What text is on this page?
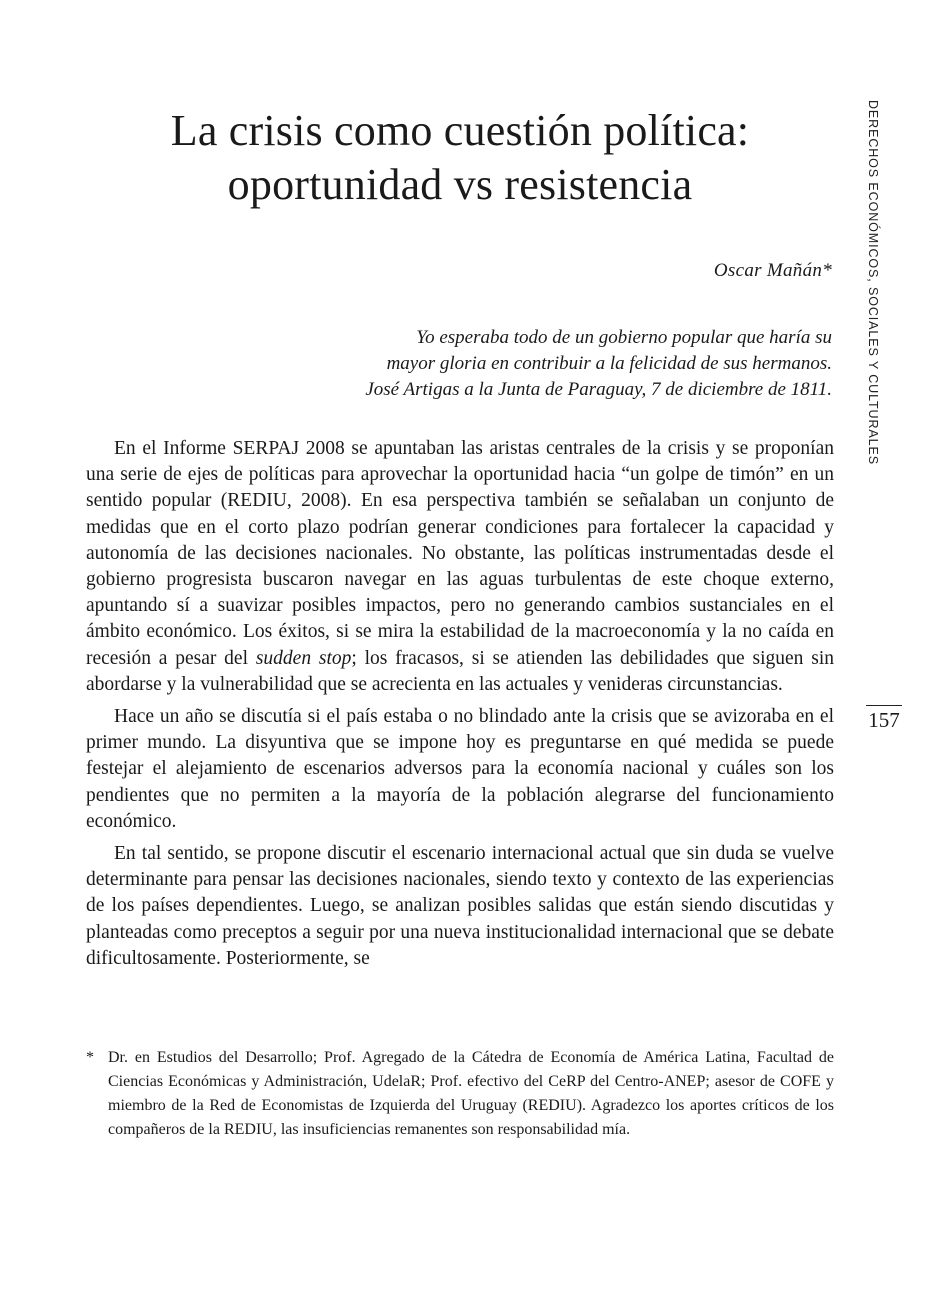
La crisis como cuestión política:
oportunidad vs resistencia
Oscar Mañán*
Yo esperaba todo de un gobierno popular que haría su
mayor gloria en contribuir a la felicidad de sus hermanos.
José Artigas a la Junta de Paraguay, 7 de diciembre de 1811.

En el Informe SERPAJ 2008 se apuntaban las aristas centrales de la crisis y se proponían una serie de ejes de políticas para aprovechar la oportunidad hacia “un golpe de timón” en un sentido popular (REDIU, 2008). En esa perspectiva también se señalaban un conjunto de medidas que en el corto plazo podrían generar condiciones para fortalecer la capacidad y autonomía de las decisiones nacionales. No obstante, las políticas instrumentadas desde el gobierno progresista buscaron navegar en las aguas turbulentas de este choque externo, apuntando sí a suavizar posibles impactos, pero no generando cambios sustanciales en el ámbito económico. Los éxitos, si se mira la estabilidad de la macroeconomía y la no caída en recesión a pesar del sudden stop; los fracasos, si se atienden las debilidades que siguen sin abordarse y la vulnerabilidad que se acrecienta en las actuales y venideras circunstancias.

Hace un año se discutía si el país estaba o no blindado ante la crisis que se avizoraba en el primer mundo. La disyuntiva que se impone hoy es preguntarse en qué medida se puede festejar el alejamiento de escenarios adversos para la economía nacional y cuáles son los pendientes que no permiten a la mayoría de la población alegrarse del funcionamiento económico.

En tal sentido, se propone discutir el escenario internacional actual que sin duda se vuelve determinante para pensar las decisiones nacionales, siendo texto y contexto de las experiencias de los países dependientes. Luego, se analizan posibles salidas que están siendo discutidas y planteadas como preceptos a seguir por una nueva institucionalidad internacional que se debate dificultosamente. Posteriormente, se

* Dr. en Estudios del Desarrollo; Prof. Agregado de la Cátedra de Economía de América Latina, Facultad de Ciencias Económicas y Administración, UdelaR; Prof. efectivo del CeRP del Centro-ANEP; asesor de COFE y miembro de la Red de Economistas de Izquierda del Uruguay (REDIU). Agradezco los aportes críticos de los compañeros de la REDIU, las insuficiencias remanentes son responsabilidad mía.
DERECHOS ECONÓMICOS, SOCIALES Y CULTURALES
157
